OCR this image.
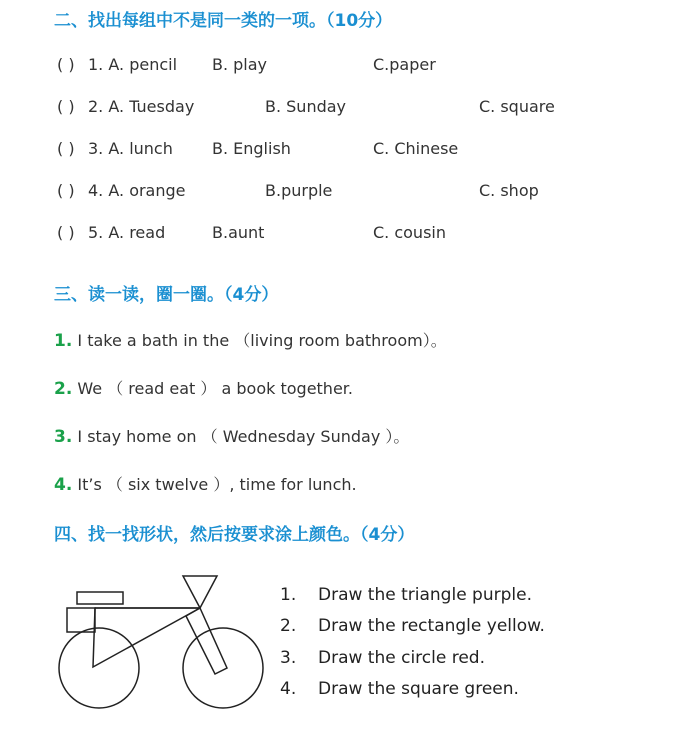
二、找出每组中不是同一类的一项。（10分）
( ) 1. A. pencil B. play	C.paper
( ) 2. A. Tuesday	B. Sunday	C. square
( ) 3. A. lunch B. English	C. Chinese
( ) 4. A. orange	B.purple	C. shop
( ) 5. A. read	B.aunt	C. cousin
三、读一读，圈一圈。（4分）
1. I take a bath in the （living room bathroom）。
2. We （ read eat ） a book together.
3. I stay home on （ Wednesday Sunday ）。
4. It’s （ six twelve ）, time for lunch.
四、找一找形状，然后按要求涂上颜色。（4分）
1. Draw the triangle purple.
2. Draw the rectangle yellow.
3. Draw the circle red.
4. Draw the square green.
